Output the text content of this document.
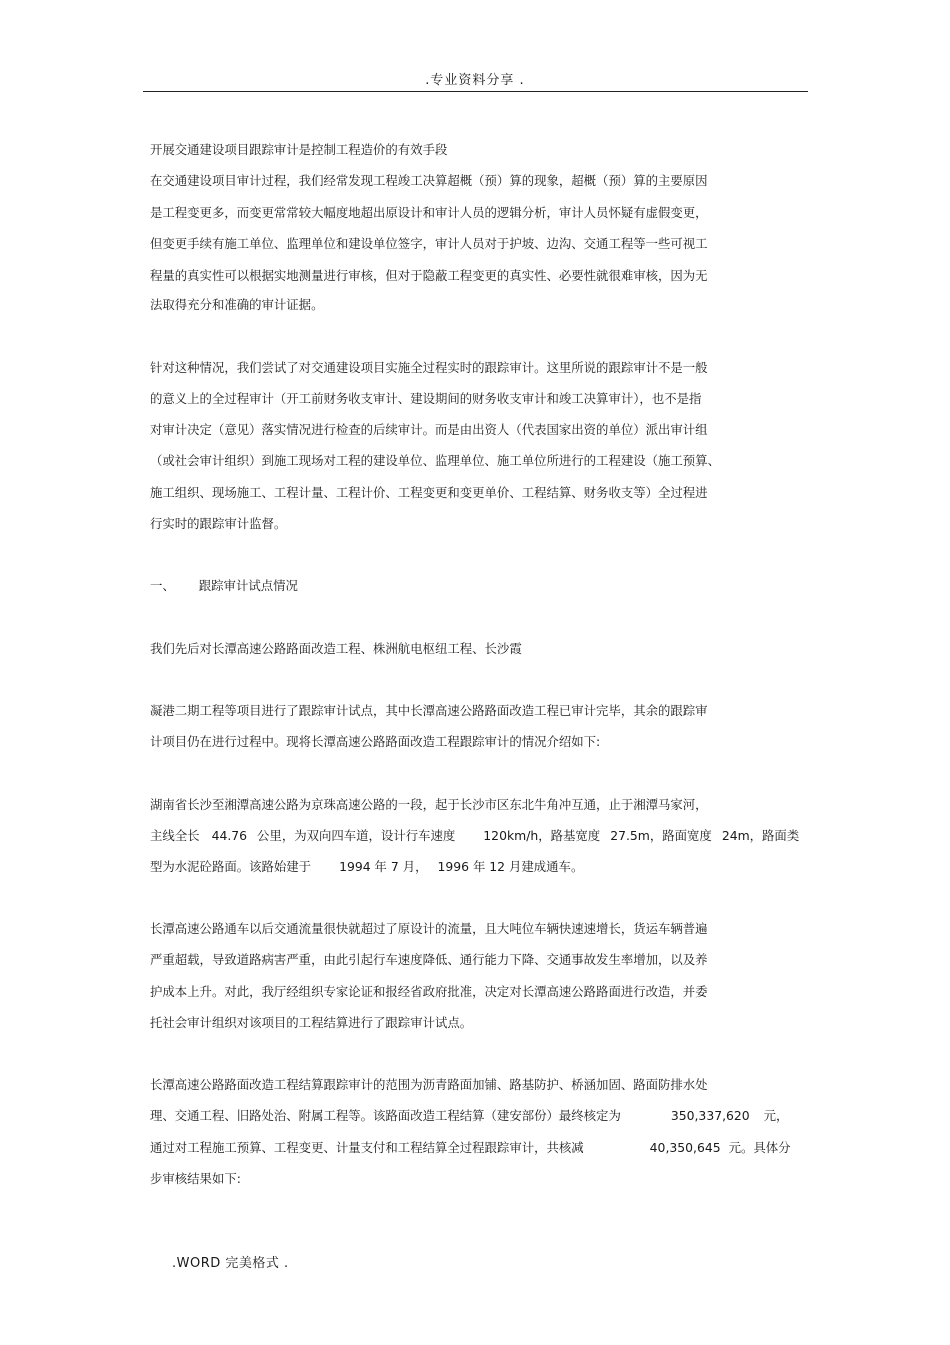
.专业资料分享 .
开展交通建设项目跟踪审计是控制工程造价的有效手段
在交通建设项目审计过程，我们经常发现工程竣工决算超概（预）算的现象，超概（预）算的主要原因
是工程变更多，而变更常常较大幅度地超出原设计和审计人员的逻辑分析，审计人员怀疑有虚假变更，
但变更手续有施工单位、监理单位和建设单位签字，审计人员对于护坡、边沟、交通工程等一些可视工
程量的真实性可以根据实地测量进行审核，但对于隐蔽工程变更的真实性、必要性就很难审核，因为无
法取得充分和准确的审计证据。
针对这种情况，我们尝试了对交通建设项目实施全过程实时的跟踪审计。这里所说的跟踪审计不是一般
的意义上的全过程审计（开工前财务收支审计、建设期间的财务收支审计和竣工决算审计），也不是指
对审计决定（意见）落实情况进行检查的后续审计。而是由出资人（代表国家出资的单位）派出审计组
（或社会审计组织）到施工现场对工程的建设单位、监理单位、施工单位所进行的工程建设（施工预算、
施工组织、现场施工、工程计量、工程计价、工程变更和变更单价、工程结算、财务收支等）全过程进
行实时的跟踪审计监督。
一、 跟踪审计试点情况
我们先后对长潭高速公路路面改造工程、株洲航电枢纽工程、长沙霞
凝港二期工程等项目进行了跟踪审计试点，其中长潭高速公路路面改造工程已审计完毕，其余的跟踪审
计项目仍在进行过程中。现将长潭高速公路路面改造工程跟踪审计的情况介绍如下:
湖南省长沙至湘潭高速公路为京珠高速公路的一段，起于长沙市区东北牛角冲互通，止于湘潭马家河，
主线全长 44.76 公里，为双向四车道，设计行车速度 120km/h，路基宽度 27.5m，路面宽度 24m，路面类
型为水泥砼路面。该路始建于 1994 年 7 月， 1996 年 12 月建成通车。
长潭高速公路通车以后交通流量很快就超过了原设计的流量，且大吨位车辆快速速增长，货运车辆普遍
严重超载，导致道路病害严重，由此引起行车速度降低、通行能力下降、交通事故发生率增加，以及养
护成本上升。对此，我厅经组织专家论证和报经省政府批准，决定对长潭高速公路路面进行改造，并委
托社会审计组织对该项目的工程结算进行了跟踪审计试点。
长潭高速公路路面改造工程结算跟踪审计的范围为沥青路面加铺、路基防护、桥涵加固、路面防排水处
理、交通工程、旧路处治、附属工程等。该路面改造工程结算（建安部份）最终核定为	350,337,620 元，
通过对工程施工预算、工程变更、计量支付和工程结算全过程跟踪审计，共核减	40,350,645 元。具体分
步审核结果如下:
.WORD 完美格式 .
